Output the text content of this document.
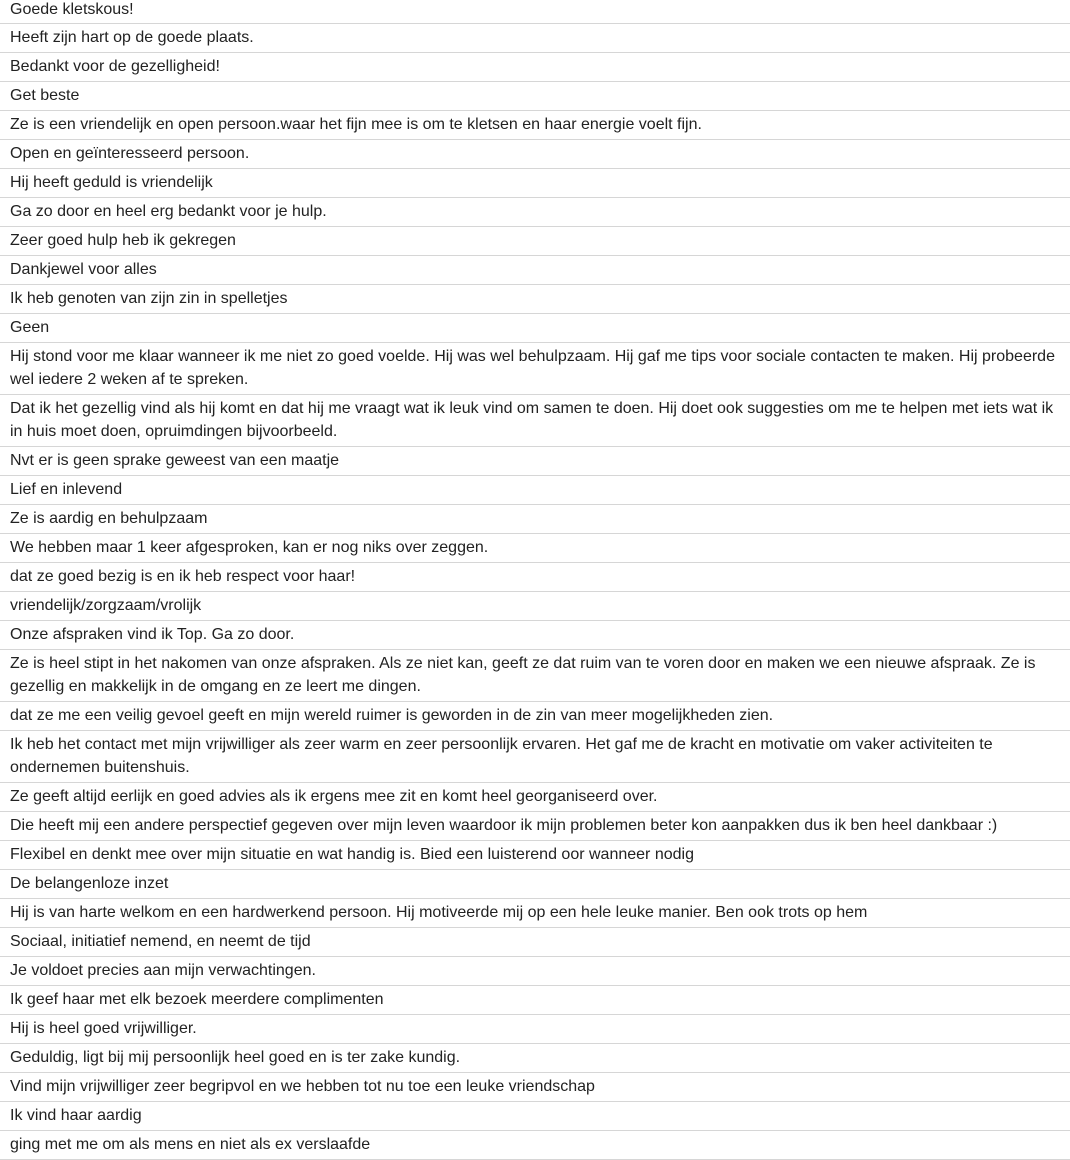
Goede kletskous!
Heeft zijn hart op de goede plaats.
Bedankt voor de gezelligheid!
Get beste
Ze is een vriendelijk en open persoon.waar het fijn mee is om te kletsen en haar energie voelt fijn.
Open en geïnteresseerd persoon.
Hij heeft geduld is vriendelijk
Ga zo door en heel erg bedankt voor je hulp.
Zeer goed hulp heb ik gekregen
Dankjewel voor alles
Ik heb genoten van zijn zin in spelletjes
Geen
Hij stond voor me klaar wanneer ik me niet zo goed voelde. Hij was wel behulpzaam. Hij gaf me tips voor sociale contacten te maken. Hij probeerde wel iedere 2 weken af te spreken.
Dat ik het gezellig vind als hij komt en dat hij me vraagt wat ik leuk vind om samen te doen. Hij doet ook suggesties om me te helpen met iets wat ik in huis moet doen, opruimdingen bijvoorbeeld.
Nvt er is geen sprake geweest van een maatje
Lief en inlevend
Ze is aardig en behulpzaam
We hebben maar 1 keer afgesproken, kan er nog niks over zeggen.
dat ze goed bezig is en ik heb respect voor haar!
vriendelijk/zorgzaam/vrolijk
Onze afspraken vind ik Top. Ga zo door.
Ze is heel stipt in het nakomen van onze afspraken. Als ze niet kan, geeft ze dat ruim van te voren door en maken we een nieuwe afspraak. Ze is gezellig en makkelijk in de omgang en ze leert me dingen.
dat ze me een veilig gevoel geeft en mijn wereld ruimer is geworden in de zin van meer mogelijkheden zien.
Ik heb het contact met mijn vrijwilliger als zeer warm en zeer persoonlijk ervaren. Het gaf me de kracht en motivatie om vaker activiteiten te ondernemen buitenshuis.
Ze geeft altijd eerlijk en goed advies als ik ergens mee zit en komt heel georganiseerd over.
Die heeft mij een andere perspectief gegeven over mijn leven waardoor ik mijn problemen beter kon aanpakken dus ik ben heel dankbaar :)
Flexibel en denkt mee over mijn situatie en wat handig is. Bied een luisterend oor wanneer nodig
De belangenloze inzet
Hij is van harte welkom en een hardwerkend persoon. Hij motiveerde mij op een hele leuke manier. Ben ook trots op hem
Sociaal, initiatief nemend, en neemt de tijd
Je voldoet precies aan mijn verwachtingen.
Ik geef haar met elk bezoek meerdere complimenten
Hij is heel goed vrijwilliger.
Geduldig, ligt bij mij persoonlijk heel goed en is ter zake kundig.
Vind mijn vrijwilliger zeer begripvol en we hebben tot nu toe een leuke vriendschap
Ik vind haar aardig
ging met me om als mens en niet als ex verslaafde
